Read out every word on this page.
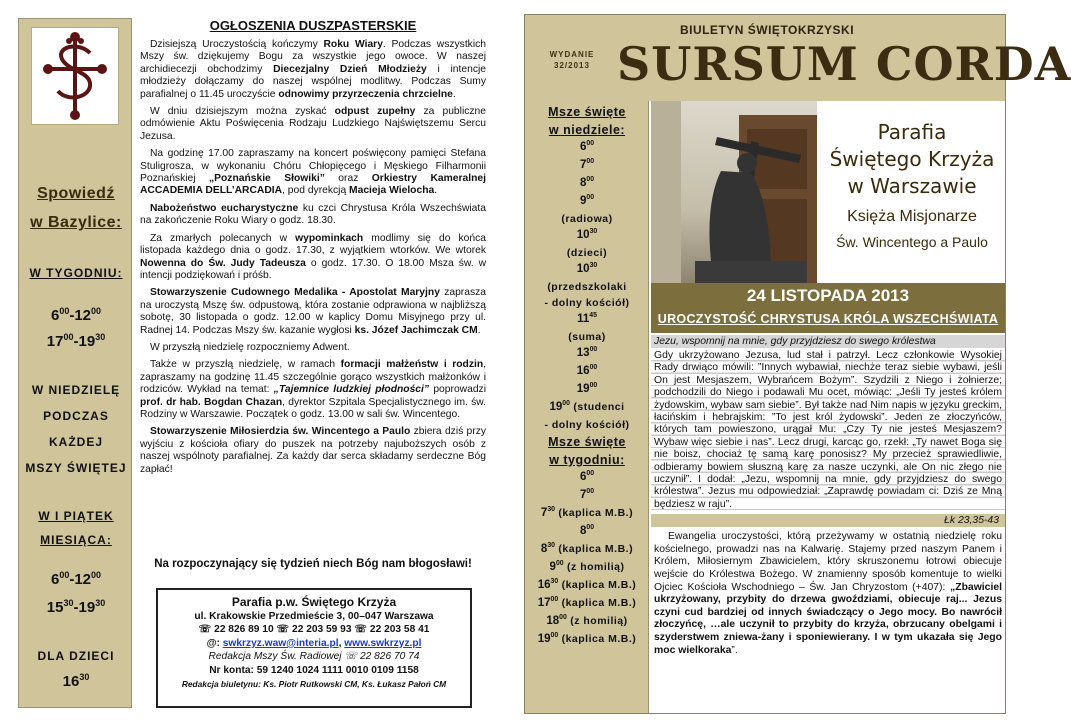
Spowiedź
w Bazylice:
W TYGODNIU:
$6^{00}-12^{00}$
$17^{00}-19^{30}$
W NIEDZIELĘ
PODCZAS
KAŻDEJ
MSZY ŚWIĘTEJ
W I PIĄTEK
MIESIĄCA:
$6^{00}-12^{00}$
$15^{30}-19^{30}$
DLA DZIECI
$16^{30}$
OGŁOSZENIA DUSZPASTERSKIE

Dzisiejszą Uroczystością kończymy Roku Wiary. Podczas wszystkich Mszy św. dziękujemy Bogu za wszystkie jego owoce. W naszej archidiecezji obchodzimy Diecezjalny Dzień Młodzieży i intencje młodzieży dołączamy do naszej wspólnej modlitwy. Podczas Sumy parafialnej o 11.45 uroczyście odnowimy przyrzeczenia chrzcielne.

W dniu dzisiejszym można zyskać odpust zupełny za publiczne odmówienie Aktu Poświęcenia Rodzaju Ludzkiego Najświętszemu Sercu Jezusa.

Na godzinę 17.00 zapraszamy na koncert poświęcony pamięci Stefana Stuligrosza, w wykonaniu Chóru Chłopięcego i Męskiego Filharmonii Poznańskiej „Poznańskie Słowiki” oraz Orkiestry Kameralnej ACCADEMIA DELL’ARCADIA, pod dyrekcją Macieja Wielocha.

Nabożeństwo eucharystyczne ku czci Chrystusa Króla Wszechświata na zakończenie Roku Wiary o godz. 18.30.

Za zmarłych polecanych w wypominkach modlimy się do końca listopada każdego dnia o godz. 17.30, z wyjątkiem wtorków. We wtorek Nowenna do Św. Judy Tadeusza o godz. 17.30. O 18.00 Msza św. w intencji podziękowań i próśb.

Stowarzyszenie Cudownego Medalika - Apostolat Maryjny zaprasza na uroczystą Mszę św. odpustową, która zostanie odprawiona w najbliższą sobotę, 30 listopada o godz. 12.00 w kaplicy Domu Misyjnego przy ul. Radnej 14. Podczas Mszy św. kazanie wygłosi ks. Józef Jachimczak CM.

W przyszłą niedzielę rozpoczniemy Adwent.

Także w przyszłą niedzielę, w ramach formacji małżeństw i rodzin, zapraszamy na godzinę 11.45 szczególnie gorąco wszystkich małżonków i rodziców. Wykład na temat: „Tajemnice ludzkiej płodności” poprowadzi prof. dr hab. Bogdan Chazan, dyrektor Szpitala Specjalistycznego im. św. Rodziny w Warszawie. Początek o godz. 13.00 w sali św. Wincentego.

Stowarzyszenie Miłosierdzia św. Wincentego a Paulo zbiera dziś przy wyjściu z kościoła ofiary do puszek na potrzeby najuboższych osób z naszej wspólnoty parafialnej. Za każdy dar serca składamy serdeczne Bóg zapłać!

Na rozpoczynający się tydzień niech Bóg nam błogosławi!
Parafia p.w. Świętego Krzyża
ul. Krakowskie Przedmieście 3, 00–047 Warszawa
☏ 22 826 89 10 ☏ 22 203 59 93 ☏ 22 203 58 41
@: swkrzyz.waw@interia.pl, www.swkrzyz.pl
Redakcja Mszy Św. Radiowej ☏ 22 826 70 74
Nr konta: 59 1240 1024 1111 0010 0109 1158
Redakcja biuletynu: Ks. Piotr Rutkowski CM, Ks. Łukasz Pałoń CM
BIULETYN ŚWIĘTOKRZYSKI
WYDANIE
32/2013 SURSUM CORDA
Msze święte
w niedziele:
$6^{00}$
$7^{00}$
$8^{00}$
$9^{00}$
(radiowa)
$10^{30}$
(dzieci)
$10^{30}$
(przedszkolaki
- dolny kościół)
$11^{45}$
(suma)
$13^{00}$
$16^{00}$
$19^{00}$
$19^{00}$ (studenci
- dolny kościół)
Msze święte
w tygodniu:
$6^{00}$
$7^{00}$
$7^{30}$ (kaplica M.B.)
$8^{00}$
$8^{30}$ (kaplica M.B.)
$9^{00}$ (z homilią)
$16^{30}$ (kaplica M.B.)
$17^{00}$ (kaplica M.B.)
$18^{00}$ (z homilią)
$19^{00}$ (kaplica M.B.)
Parafia
Świętego Krzyża
w Warszawie
Księża Misjonarze
Św. Wincentego a Paulo
24 LISTOPADA 2013
UROCZYSTOŚĆ CHRYSTUSA KRÓLA WSZECHŚWIATA
Jezu, wspomnij na mnie, gdy przyjdziesz do swego królestwa
Gdy ukrzyżowano Jezusa, lud stał i patrzył. Lecz członkowie Wysokiej Rady drwiąco mówili: ”Innych wybawiał, niechże teraz siebie wybawi, jeśli On jest Mesjaszem, Wybrańcem Bożym”. Szydzili z Niego i żołnierze; podchodzili do Niego i podawali Mu ocet, mówiąc: „Jeśli Ty jesteś królem żydowskim, wybaw sam siebie”. Był także nad Nim napis w języku greckim, łacińskim i hebrajskim: ”To jest król żydowski”. Jeden ze złoczyńców, których tam powieszono, urągał Mu: „Czy Ty nie jesteś Mesjaszem? Wybaw więc siebie i nas”. Lecz drugi, karcąc go, rzekł: „Ty nawet Boga się nie boisz, chociaż tę samą karę ponosisz? My przecież sprawiedliwie, odbieramy bowiem słuszną karę za nasze uczynki, ale On nic złego nie uczynił”. I dodał: „Jezu, wspomnij na mnie, gdy przyjdziesz do swego królestwa”. Jezus mu odpowiedział: „Zaprawdę powiadam ci: Dziś ze Mną będziesz w raju”.
Łk 23,35-43
Ewangelia uroczystości, którą przeżywamy w ostatnią niedzielę roku kościelnego, prowadzi nas na Kalwarię. Stajemy przed naszym Panem i Królem, Miłosiernym Zbawicielem, który skruszonemu łotrowi obiecuje wejście do Królestwa Bożego. W znamienny sposób komentuje to wielki Ojciec Kościoła Wschodniego – Św. Jan Chryzostom (+407): „Zbawiciel ukrzyżowany, przybity do drzewa gwoździami, obiecuje raj... Jezus czyni cud bardziej od innych świadczący o Jego mocy. Bo nawrócił złoczyńcę, …ale uczynił to przybity do krzyża, obrzucany obelgami i szyderstwem zniewa-żany i sponiewierany. I w tym ukazała się Jego moc wielkoraka”.
